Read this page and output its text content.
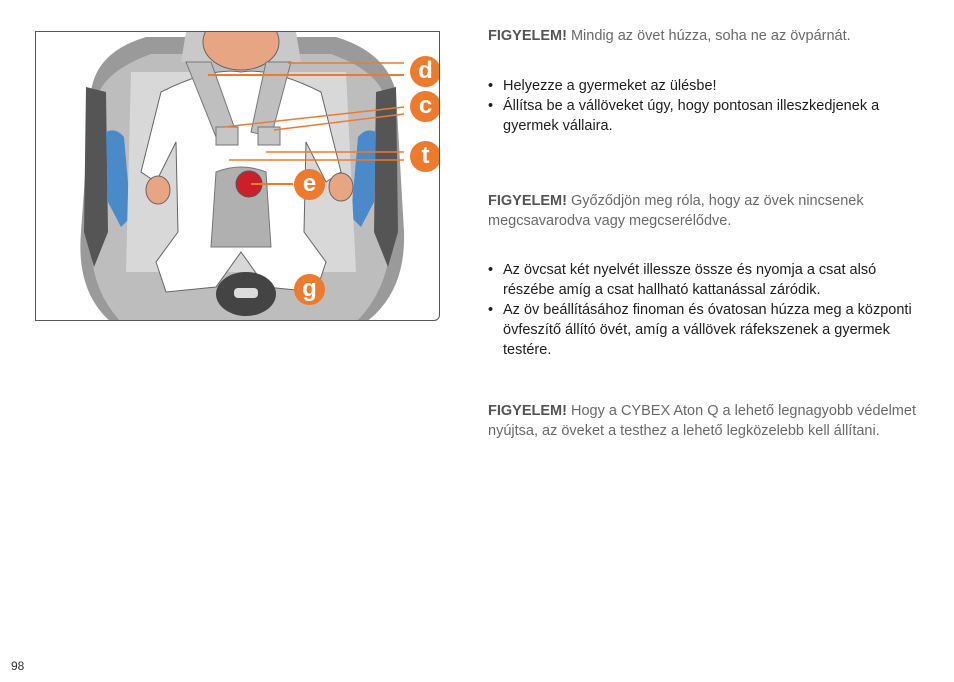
d
c
t
e
g

FIGYELEM! Mindig az övet húzza, soha ne az övpárnát.

• Helyezze a gyermeket az ülésbe!
• Állítsa be a vállöveket úgy, hogy pontosan illeszkedjenek a gyermek vállaira.

FIGYELEM! Győződjön meg róla, hogy az övek nincsenek megcsavarodva vagy megcserélődve.

• Az övcsat két nyelvét illessze össze és nyomja a csat alsó részébe amíg a csat hallható kattanással záródik.
• Az öv beállításához finoman és óvatosan húzza meg a központi övfeszítő állító övét, amíg a vállövek ráfekszenek a gyermek testére.

FIGYELEM! Hogy a CYBEX Aton Q a lehető legnagyobb védelmet nyújtsa, az öveket a testhez a lehető legközelebb kell állítani.

98
